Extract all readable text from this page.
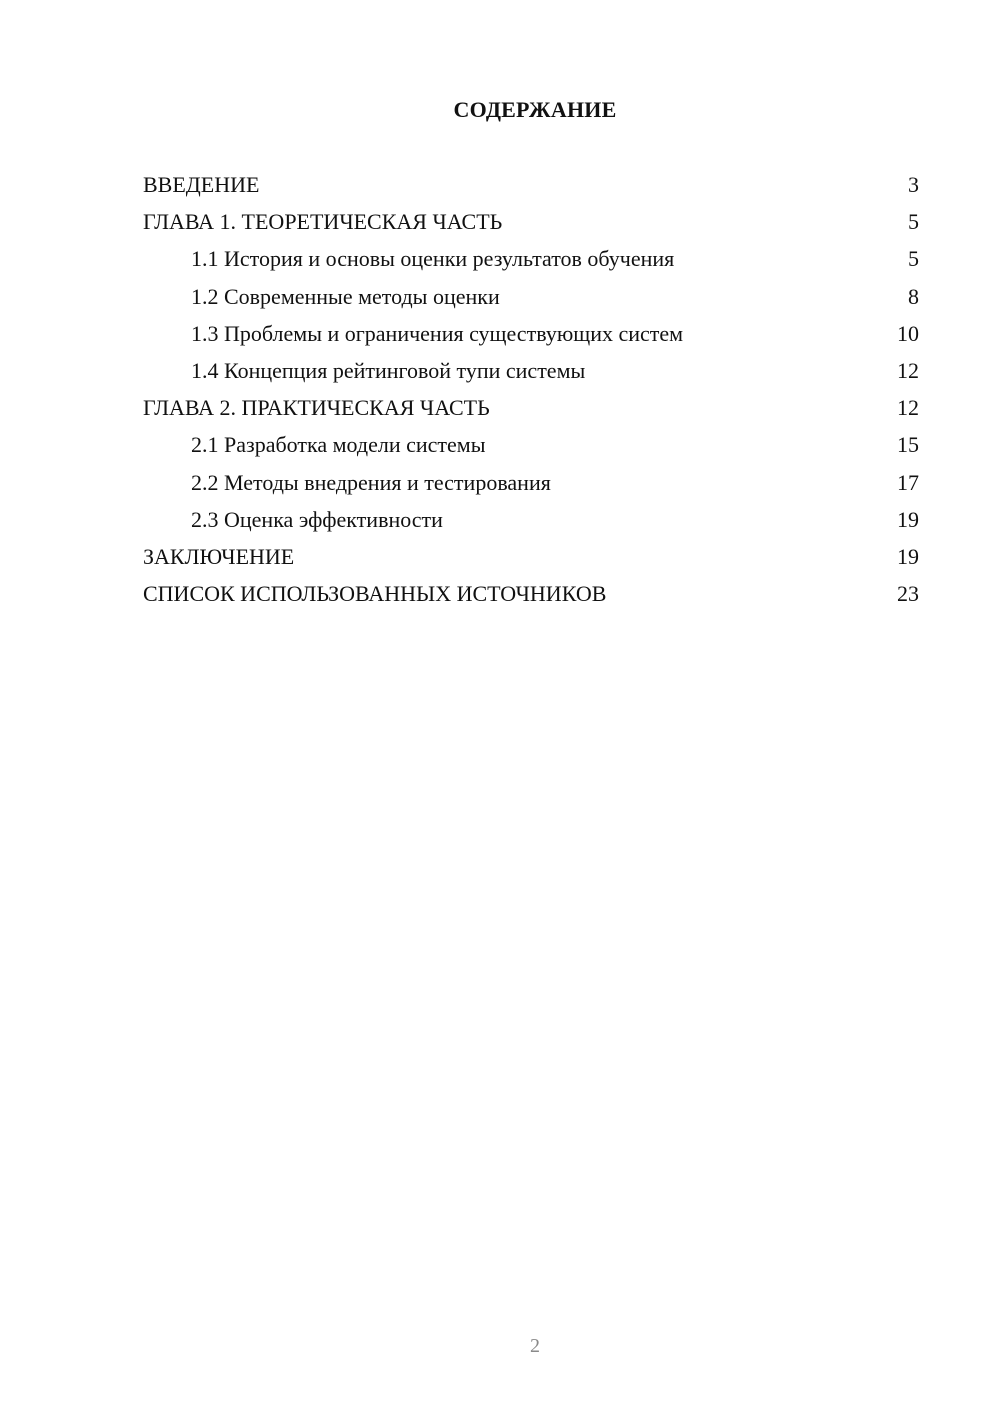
СОДЕРЖАНИЕ
ВВЕДЕНИЕ	3
ГЛАВА 1. ТЕОРЕТИЧЕСКАЯ ЧАСТЬ	5
1.1 История и основы оценки результатов обучения	5
1.2 Современные методы оценки	8
1.3 Проблемы и ограничения существующих систем	10
1.4 Концепция рейтинговой тупи системы	12
ГЛАВА 2. ПРАКТИЧЕСКАЯ ЧАСТЬ	12
2.1 Разработка модели системы	15
2.2 Методы внедрения и тестирования	17
2.3 Оценка эффективности	19
ЗАКЛЮЧЕНИЕ	19
СПИСОК ИСПОЛЬЗОВАННЫХ ИСТОЧНИКОВ	23
2
